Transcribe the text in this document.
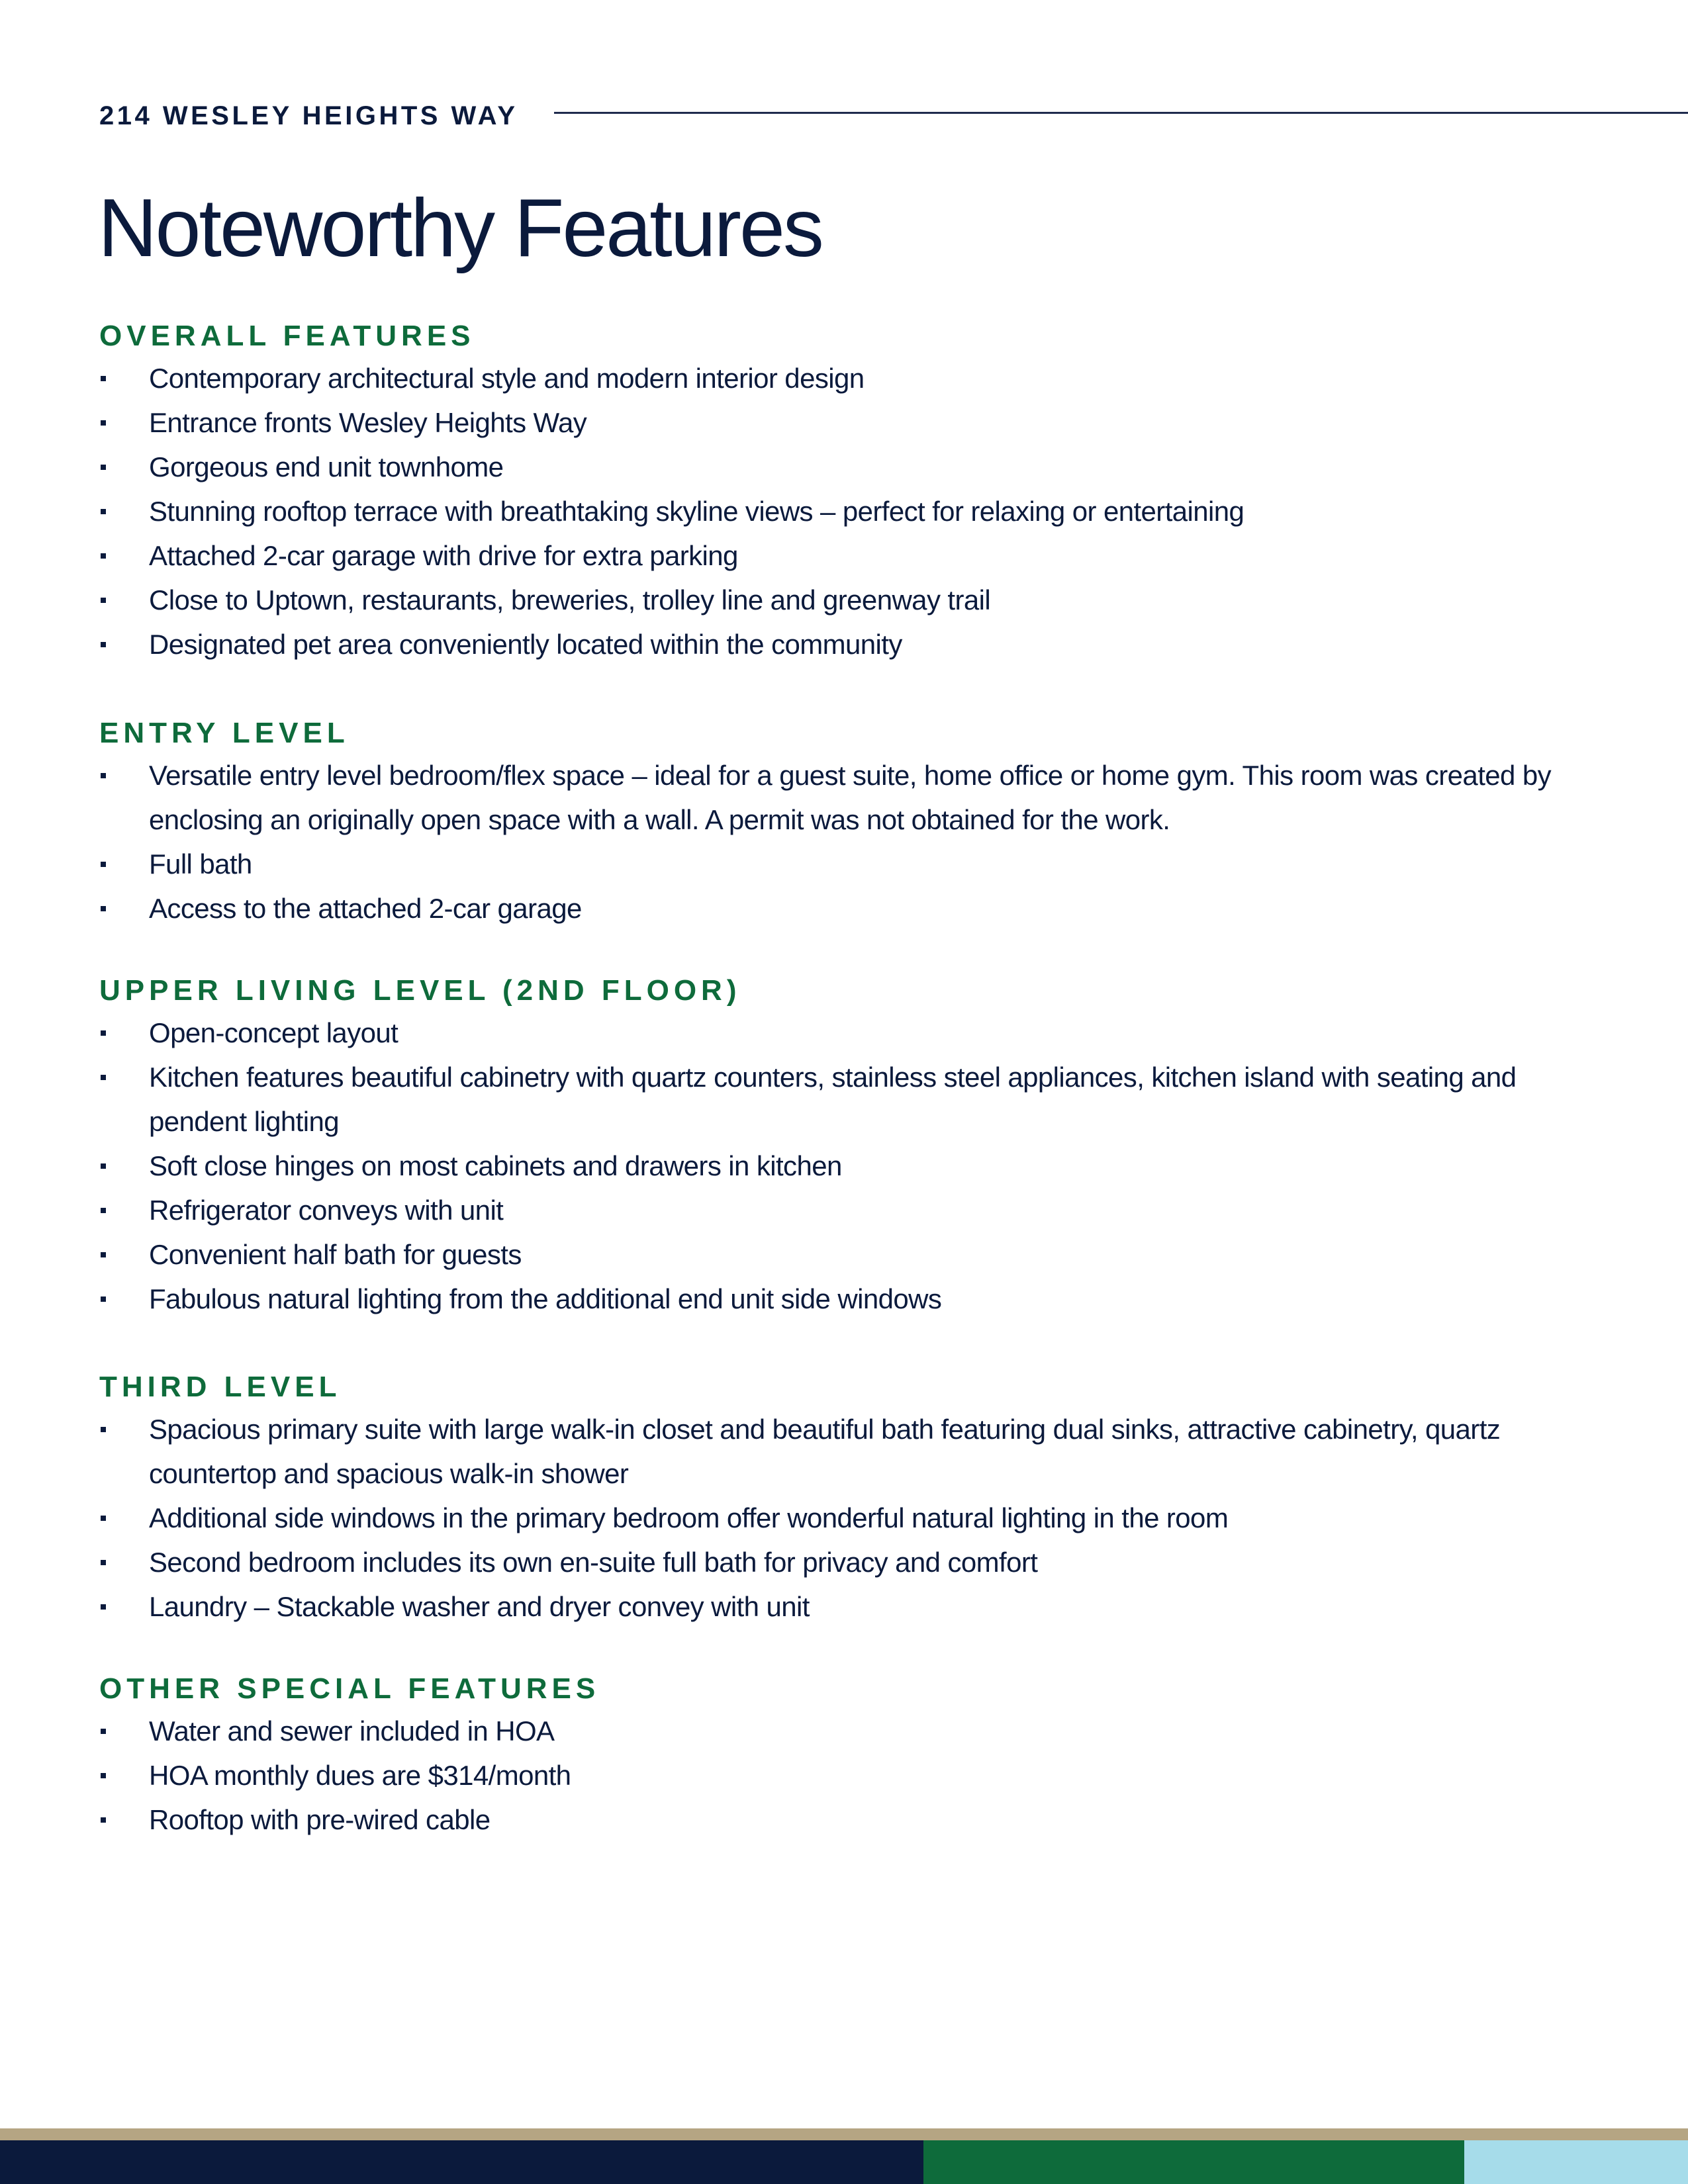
214 WESLEY HEIGHTS WAY
Noteworthy Features
OVERALL FEATURES
Contemporary architectural style and modern interior design
Entrance fronts Wesley Heights Way
Gorgeous end unit townhome
Stunning rooftop terrace with breathtaking skyline views – perfect for relaxing or entertaining
Attached 2-car garage with drive for extra parking
Close to Uptown, restaurants, breweries, trolley line and greenway trail
Designated pet area conveniently located within the community
ENTRY LEVEL
Versatile entry level bedroom/flex space – ideal for a guest suite, home office or home gym. This room was created by enclosing an originally open space with a wall. A permit was not obtained for the work.
Full bath
Access to the attached 2-car garage
UPPER LIVING LEVEL (2ND FLOOR)
Open-concept layout
Kitchen features beautiful cabinetry with quartz counters, stainless steel appliances, kitchen island with seating and pendent lighting
Soft close hinges on most cabinets and drawers in kitchen
Refrigerator conveys with unit
Convenient half bath for guests
Fabulous natural lighting from the additional end unit side windows
THIRD LEVEL
Spacious primary suite with large walk-in closet and beautiful bath featuring dual sinks, attractive cabinetry, quartz countertop and spacious walk-in shower
Additional side windows in the primary bedroom offer wonderful natural lighting in the room
Second bedroom includes its own en-suite full bath for privacy and comfort
Laundry – Stackable washer and dryer convey with unit
OTHER SPECIAL FEATURES
Water and sewer included in HOA
HOA monthly dues are $314/month
Rooftop with pre-wired cable
